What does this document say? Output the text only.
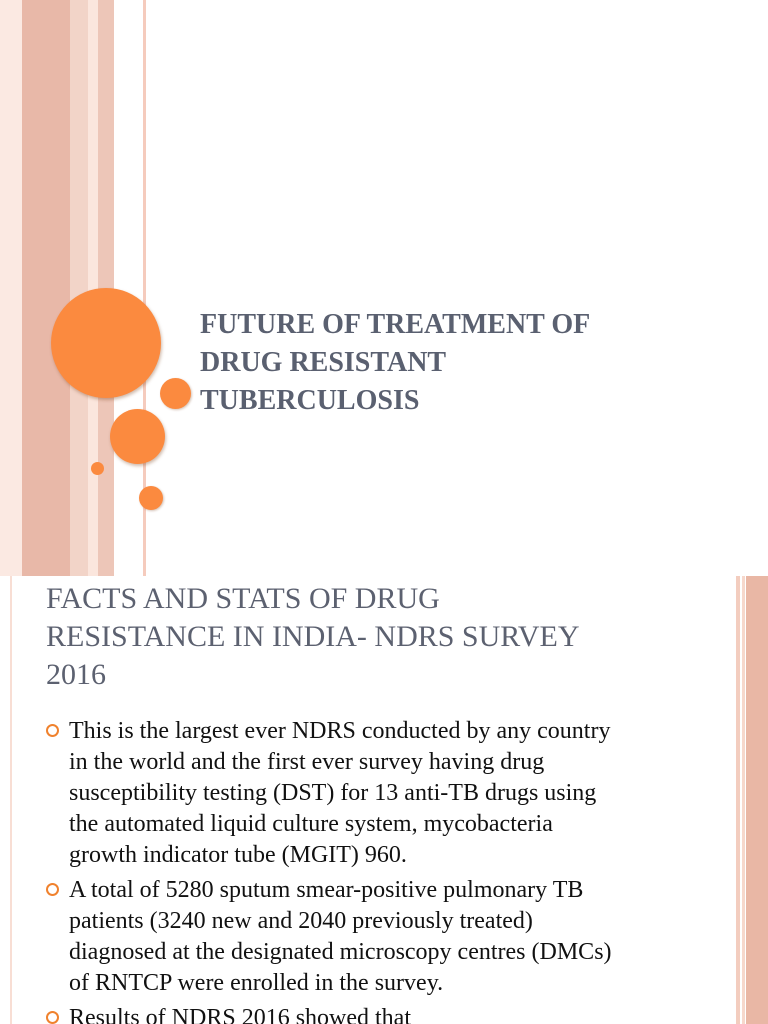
FUTURE OF TREATMENT OF
DRUG RESISTANT
TUBERCULOSIS
FACTS AND STATS OF DRUG
RESISTANCE IN INDIA- NDRS SURVEY
2016
This is the largest ever NDRS conducted by any country
in the world and the first ever survey having drug
susceptibility testing (DST) for 13 anti-TB drugs using
the automated liquid culture system, mycobacteria
growth indicator tube (MGIT) 960.
A total of 5280 sputum smear-positive pulmonary TB
patients (3240 new and 2040 previously treated)
diagnosed at the designated microscopy centres (DMCs)
of RNTCP were enrolled in the survey.
Results of NDRS 2016 showed that
